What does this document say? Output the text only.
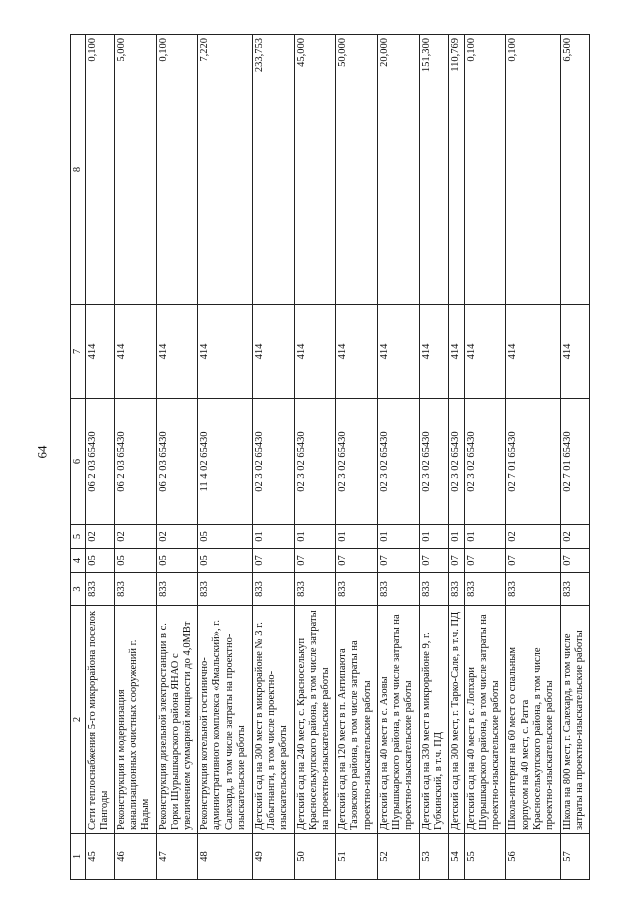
64
1	2	3	4	5	6	7	8
45	Сети теплоснабжения 5-го микрорайона поселок Пангоды	833	05	02	06 2 03 65430	414	0,100
46	Реконструкция и модернизация канализационных очистных сооружений г. Надым	833	05	02	06 2 03 65430	414	5,000
47	Реконструкция дизельной электростанции в с. Горки Шурышкарского района ЯНАО с увеличением суммарной мощности до 4,0МВт	833	05	02	06 2 03 65430	414	0,100
48	Реконструкция котельной гостинично-административного комплекса «Ямальский», г. Салехард, в том числе затраты на проектно-изыскательские работы	833	05	05	11 4 02 65430	414	7,220
49	Детский сад на 300 мест в микрорайоне № 3 г. Лабытнанги, в том числе проектно-изыскательские работы	833	07	01	02 3 02 65430	414	233,753
50	Детский сад на 240 мест, с. Красноселькуп Красноселькупского района, в том числе затраты на проектно-изыскательские работы	833	07	01	02 3 02 65430	414	45,000
51	Детский сад на 120 мест в п. Антипаюта Тазовского района, в том числе затраты на проектно-изыскательские работы	833	07	01	02 3 02 65430	414	50,000
52	Детский сад на 40 мест в с. Азовы Шурышкарского района, в том числе затраты на проектно-изыскательские работы	833	07	01	02 3 02 65430	414	20,000
53	Детский сад на 330 мест в микрорайоне 9, г. Губкинский, в т.ч. ПД	833	07	01	02 3 02 65430	414	151,300
54	Детский сад на 300 мест, г. Тарко-Сале, в т.ч. ПД	833	07	01	02 3 02 65430	414	110,769
55	Детский сад на 40 мест в с. Лопхари Шурышкарского района, в том числе затраты на проектно-изыскательские работы	833	07	01	02 3 02 65430	414	0,100
56	Школа-интернат на 60 мест со спальным корпусом на 40 мест, с. Ратта Красноселькупского района, в том числе проектно-изыскательские работы	833	07	02	02 7 01 65430	414	0,100
57	Школа на 800 мест, г. Салехард, в том числе затраты на проектно-изыскательские работы	833	07	02	02 7 01 65430	414	6,500
